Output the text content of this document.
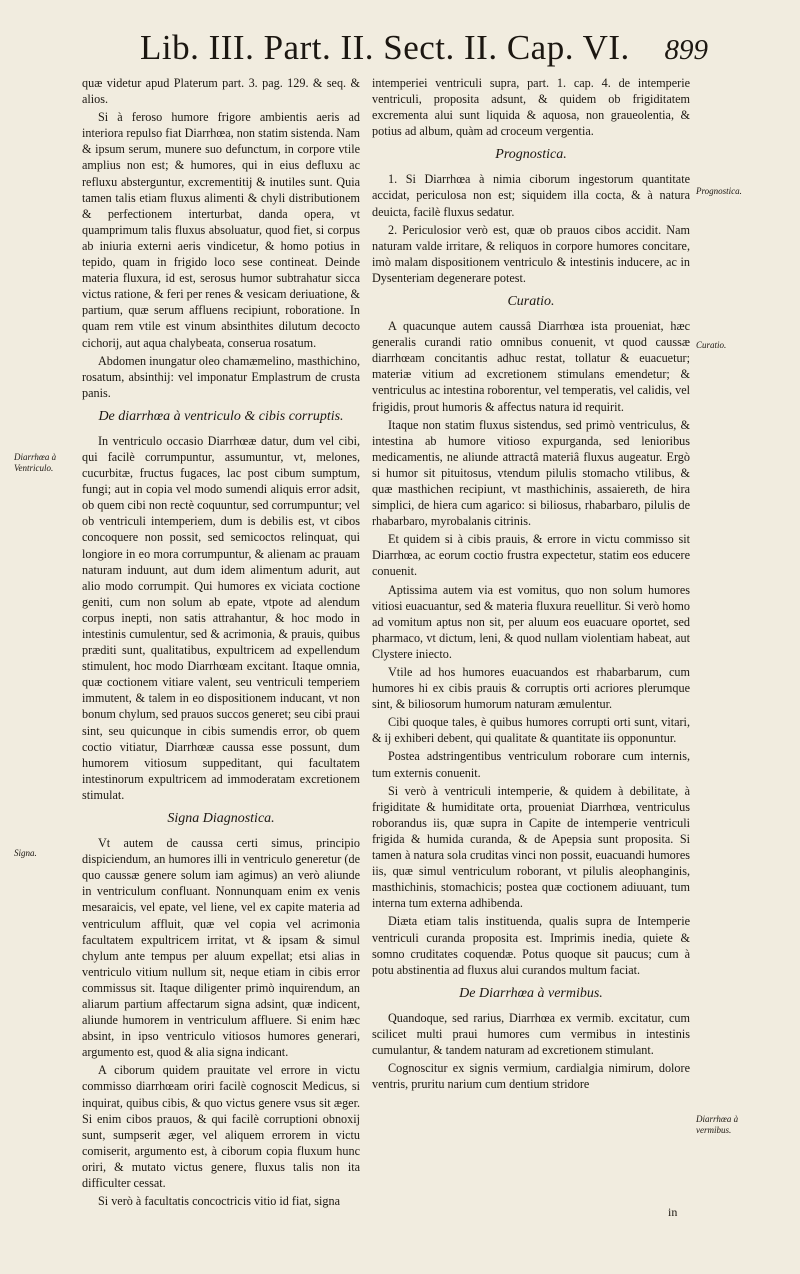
Lib. III. Part. II. Sect. II. Cap. VI. 899
Diarrhœa à Ventriculo.
Signa.
Prognostica.
Curatio.
Diarrhœa à vermibus.

quæ videtur apud Platerum part. 3. pag. 129. & seq. & alios.

Si à feroso humore frigore ambientis aeris ad interiora repulso fiat Diarrhœa, non statim sistenda. Nam & ipsum serum, munere suo defunctum, in corpore vtile amplius non est; & humores, qui in eius defluxu ac refluxu absterguntur, excrementitij & inutiles sunt. Quia tamen talis etiam fluxus alimenti & chyli distributionem & perfectionem interturbat, danda opera, vt quamprimum talis fluxus absoluatur, quod fiet, si corpus ab iniuria externi aeris vindicetur, & homo potius in tepido, quam in frigido loco sese contineat. Deinde materia fluxura, id est, serosus humor subtrahatur sicca victus ratione, & feri per renes & vesicam deriuatione, & partium, quæ serum affluens recipiunt, roboratione. In quam rem vtile est vinum absinthites dilutum decocto cichorij, aut aqua chalybeata, conserua rosatum.

Abdomen inungatur oleo chamæmelino, masthichino, rosatum, absinthij: vel imponatur Emplastrum de crusta panis.

De diarrhœa à ventriculo & cibis corruptis.

In ventriculo occasio Diarrhœæ datur, dum vel cibi, qui facilè corrumpuntur, assumuntur, vt, melones, cucurbitæ, fructus fugaces, lac post cibum sumptum, fungi; aut in copia vel modo sumendi aliquis error adsit, ob quem cibi non rectè coquuntur, sed corrumpuntur; vel ob ventriculi intemperiem, dum is debilis est, vt cibos concoquere non possit, sed semicoctos relinquat, qui longiore in eo mora corrumpuntur, & alienam ac prauam naturam induunt, aut dum idem alimentum adurit, aut alio modo corrumpit. Qui humores ex viciata coctione geniti, cum non solum ab epate, vtpote ad alendum corpus inepti, non satis attrahantur, & hoc modo in intestinis cumulentur, sed & acrimonia, & prauis, quibus præditi sunt, qualitatibus, expultricem ad expellendum stimulent, hoc modo Diarrhœam excitant. Itaque omnia, quæ coctionem vitiare valent, seu ventriculi temperiem immutent, & talem in eo dispositionem inducant, vt non bonum chylum, sed prauos succos generet; seu cibi praui sint, seu quicunque in cibis sumendis error, ob quem coctio vitiatur, Diarrhœæ caussa esse possunt, dum humorem vitiosum suppeditant, qui facultatem intestinorum expultricem ad immoderatam excretionem stimulat.

Signa Diagnostica.

Vt autem de caussa certi simus, principio dispiciendum, an humores illi in ventriculo generetur (de quo caussæ genere solum iam agimus) an verò aliunde in ventriculum confluant. Nonnunquam enim ex venis mesaraicis, vel epate, vel liene, vel ex capite materia ad ventriculum affluit, quæ vel copia vel acrimonia facultatem expultricem irritat, vt & ipsam & simul chylum ante tempus per aluum expellat; etsi alias in ventriculo vitium nullum sit, neque etiam in cibis error commissus sit. Itaque diligenter primò inquirendum, an aliarum partium affectarum signa adsint, quæ indicent, aliunde humorem in ventriculum affluere. Si enim hæc absint, in ipso ventriculo vitiosos humores generari, argumento est, quod & alia signa indicant.

A ciborum quidem prauitate vel errore in victu commisso diarrhœam oriri facilè cognoscit Medicus, si inquirat, quibus cibis, & quo victus genere vsus sit æger. Si enim cibos prauos, & qui facilè corruptioni obnoxij sunt, sumpserit æger, vel aliquem errorem in victu comiserit, argumento est, à ciborum copia fluxum hunc oriri, & mutato victus genere, fluxus talis non ita difficulter cessat.

Si verò à facultatis concoctricis vitio id fiat, signa

intemperiei ventriculi supra, part. 1. cap. 4. de intemperie ventriculi, proposita adsunt, & quidem ob frigiditatem excrementa alui sunt liquida & aquosa, non graueolentia, & potius ad album, quàm ad croceum vergentia.

Prognostica.

1. Si Diarrhœa à nimia ciborum ingestorum quantitate accidat, periculosa non est; siquidem illa cocta, & à natura deuicta, facilè fluxus sedatur.

2. Periculosior verò est, quæ ob prauos cibos accidit. Nam naturam valde irritare, & reliquos in corpore humores concitare, imò malam dispositionem ventriculo & intestinis inducere, ac in Dysenteriam degenerare potest.

Curatio.

A quacunque autem caussâ Diarrhœa ista proueniat, hæc generalis curandi ratio omnibus conuenit, vt quod caussæ diarrhœam concitantis adhuc restat, tollatur & euacuetur; materiæ vitium ad excretionem stimulans emendetur; & ventriculus ac intestina roborentur, vel temperatis, vel calidis, vel frigidis, prout humoris & affectus natura id requirit.

Itaque non statim fluxus sistendus, sed primò ventriculus, & intestina ab humore vitioso expurganda, sed lenioribus medicamentis, ne aliunde attractâ materiâ fluxus augeatur. Ergò si humor sit pituitosus, vtendum pilulis stomacho vtilibus, & quæ masthichen recipiunt, vt masthichinis, assaiereth, de hira simplici, de hiera cum agarico: si biliosus, rhabarbaro, pilulis de rhabarbaro, myrobalanis citrinis.

Et quidem si à cibis prauis, & errore in victu commisso sit Diarrhœa, ac eorum coctio frustra expectetur, statim eos educere conuenit.

Aptissima autem via est vomitus, quo non solum humores vitiosi euacuantur, sed & materia fluxura reuellitur. Si verò homo ad vomitum aptus non sit, per aluum eos euacuare oportet, sed pharmaco, vt dictum, leni, & quod nullam violentiam habeat, aut Clystere iniecto.

Vtile ad hos humores euacuandos est rhabarbarum, cum humores hi ex cibis prauis & corruptis orti acriores plerumque sint, & biliosorum humorum naturam æmulentur.

Cibi quoque tales, è quibus humores corrupti orti sunt, vitari, & ij exhiberi debent, qui qualitate & quantitate iis opponuntur.

Postea adstringentibus ventriculum roborare cum internis, tum externis conuenit.

Si verò à ventriculi intemperie, & quidem à debilitate, à frigiditate & humiditate orta, proueniat Diarrhœa, ventriculus roborandus iis, quæ supra in Capite de intemperie ventriculi frigida & humida curanda, & de Apepsia sunt proposita. Si tamen à natura sola cruditas vinci non possit, euacuandi humores iis, quæ simul ventriculum roborant, vt pilulis aleophanginis, masthichinis, stomachicis; postea quæ coctionem adiuuant, tum interna tum externa adhibenda.

Diæta etiam talis instituenda, qualis supra de Intemperie ventriculi curanda proposita est. Imprimis inedia, quiete & somno cruditates coquendæ. Potus quoque sit paucus; cum à potu abstinentia ad fluxus alui curandos multum faciat.

De Diarrhœa à vermibus.

Quandoque, sed rarius, Diarrhœa ex vermib. excitatur, cum scilicet multi praui humores cum vermibus in intestinis cumulantur, & tandem naturam ad excretionem stimulant.

Cognoscitur ex signis vermium, cardialgia nimirum, dolore ventris, pruritu narium cum dentium stridore

in
